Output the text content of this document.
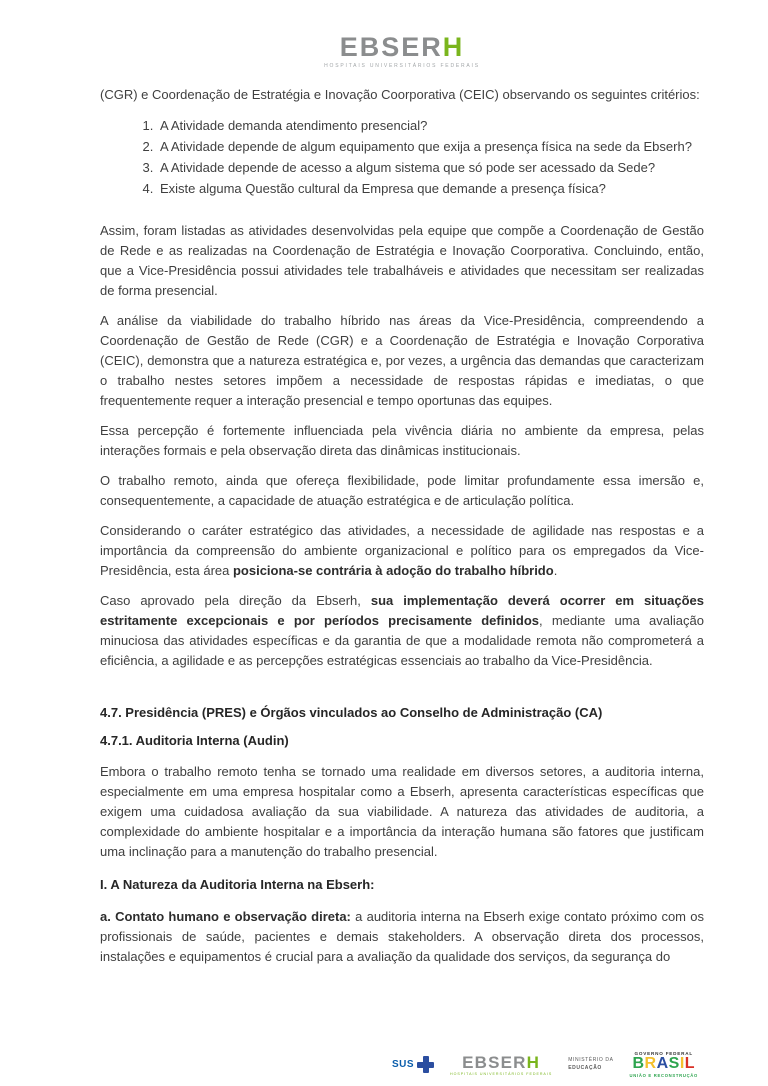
EBSERH
HOSPITAIS UNIVERSITÁRIOS FEDERAIS

(CGR) e Coordenação de Estratégia e Inovação Coorporativa (CEIC) observando os seguintes critérios:

1. A Atividade demanda atendimento presencial?
2. A Atividade depende de algum equipamento que exija a presença física na sede da Ebserh?
3. A Atividade depende de acesso a algum sistema que só pode ser acessado da Sede?
4. Existe alguma Questão cultural da Empresa que demande a presença física?

Assim, foram listadas as atividades desenvolvidas pela equipe que compõe a Coordenação de Gestão de Rede e as realizadas na Coordenação de Estratégia e Inovação Coorporativa. Concluindo, então, que a Vice-Presidência possui atividades tele trabalháveis e atividades que necessitam ser realizadas de forma presencial.

A análise da viabilidade do trabalho híbrido nas áreas da Vice-Presidência, compreendendo a Coordenação de Gestão de Rede (CGR) e a Coordenação de Estratégia e Inovação Corporativa (CEIC), demonstra que a natureza estratégica e, por vezes, a urgência das demandas que caracterizam o trabalho nestes setores impõem a necessidade de respostas rápidas e imediatas, o que frequentemente requer a interação presencial e tempo oportunas das equipes.

Essa percepção é fortemente influenciada pela vivência diária no ambiente da empresa, pelas interações formais e pela observação direta das dinâmicas institucionais.

O trabalho remoto, ainda que ofereça flexibilidade, pode limitar profundamente essa imersão e, consequentemente, a capacidade de atuação estratégica e de articulação política.

Considerando o caráter estratégico das atividades, a necessidade de agilidade nas respostas e a importância da compreensão do ambiente organizacional e político para os empregados da Vice-Presidência, esta área posiciona-se contrária à adoção do trabalho híbrido.

Caso aprovado pela direção da Ebserh, sua implementação deverá ocorrer em situações estritamente excepcionais e por períodos precisamente definidos, mediante uma avaliação minuciosa das atividades específicas e da garantia de que a modalidade remota não comprometerá a eficiência, a agilidade e as percepções estratégicas essenciais ao trabalho da Vice-Presidência.

4.7. Presidência (PRES) e Órgãos vinculados ao Conselho de Administração (CA)
4.7.1. Auditoria Interna (Audin)

Embora o trabalho remoto tenha se tornado uma realidade em diversos setores, a auditoria interna, especialmente em uma empresa hospitalar como a Ebserh, apresenta características específicas que exigem uma cuidadosa avaliação da sua viabilidade. A natureza das atividades de auditoria, a complexidade do ambiente hospitalar e a importância da interação humana são fatores que justificam uma inclinação para a manutenção do trabalho presencial.

I. A Natureza da Auditoria Interna na Ebserh:

a. Contato humano e observação direta: a auditoria interna na Ebserh exige contato próximo com os profissionais de saúde, pacientes e demais stakeholders. A observação direta dos processos, instalações e equipamentos é crucial para a avaliação da qualidade dos serviços, da segurança do

SUS	EBSERH
HOSPITAIS UNIVERSITÁRIOS FEDERAIS
MINISTÉRIO DA
EDUCAÇÃO
GOVERNO FEDERAL
BRASIL
UNIÃO E RECONSTRUÇÃO
